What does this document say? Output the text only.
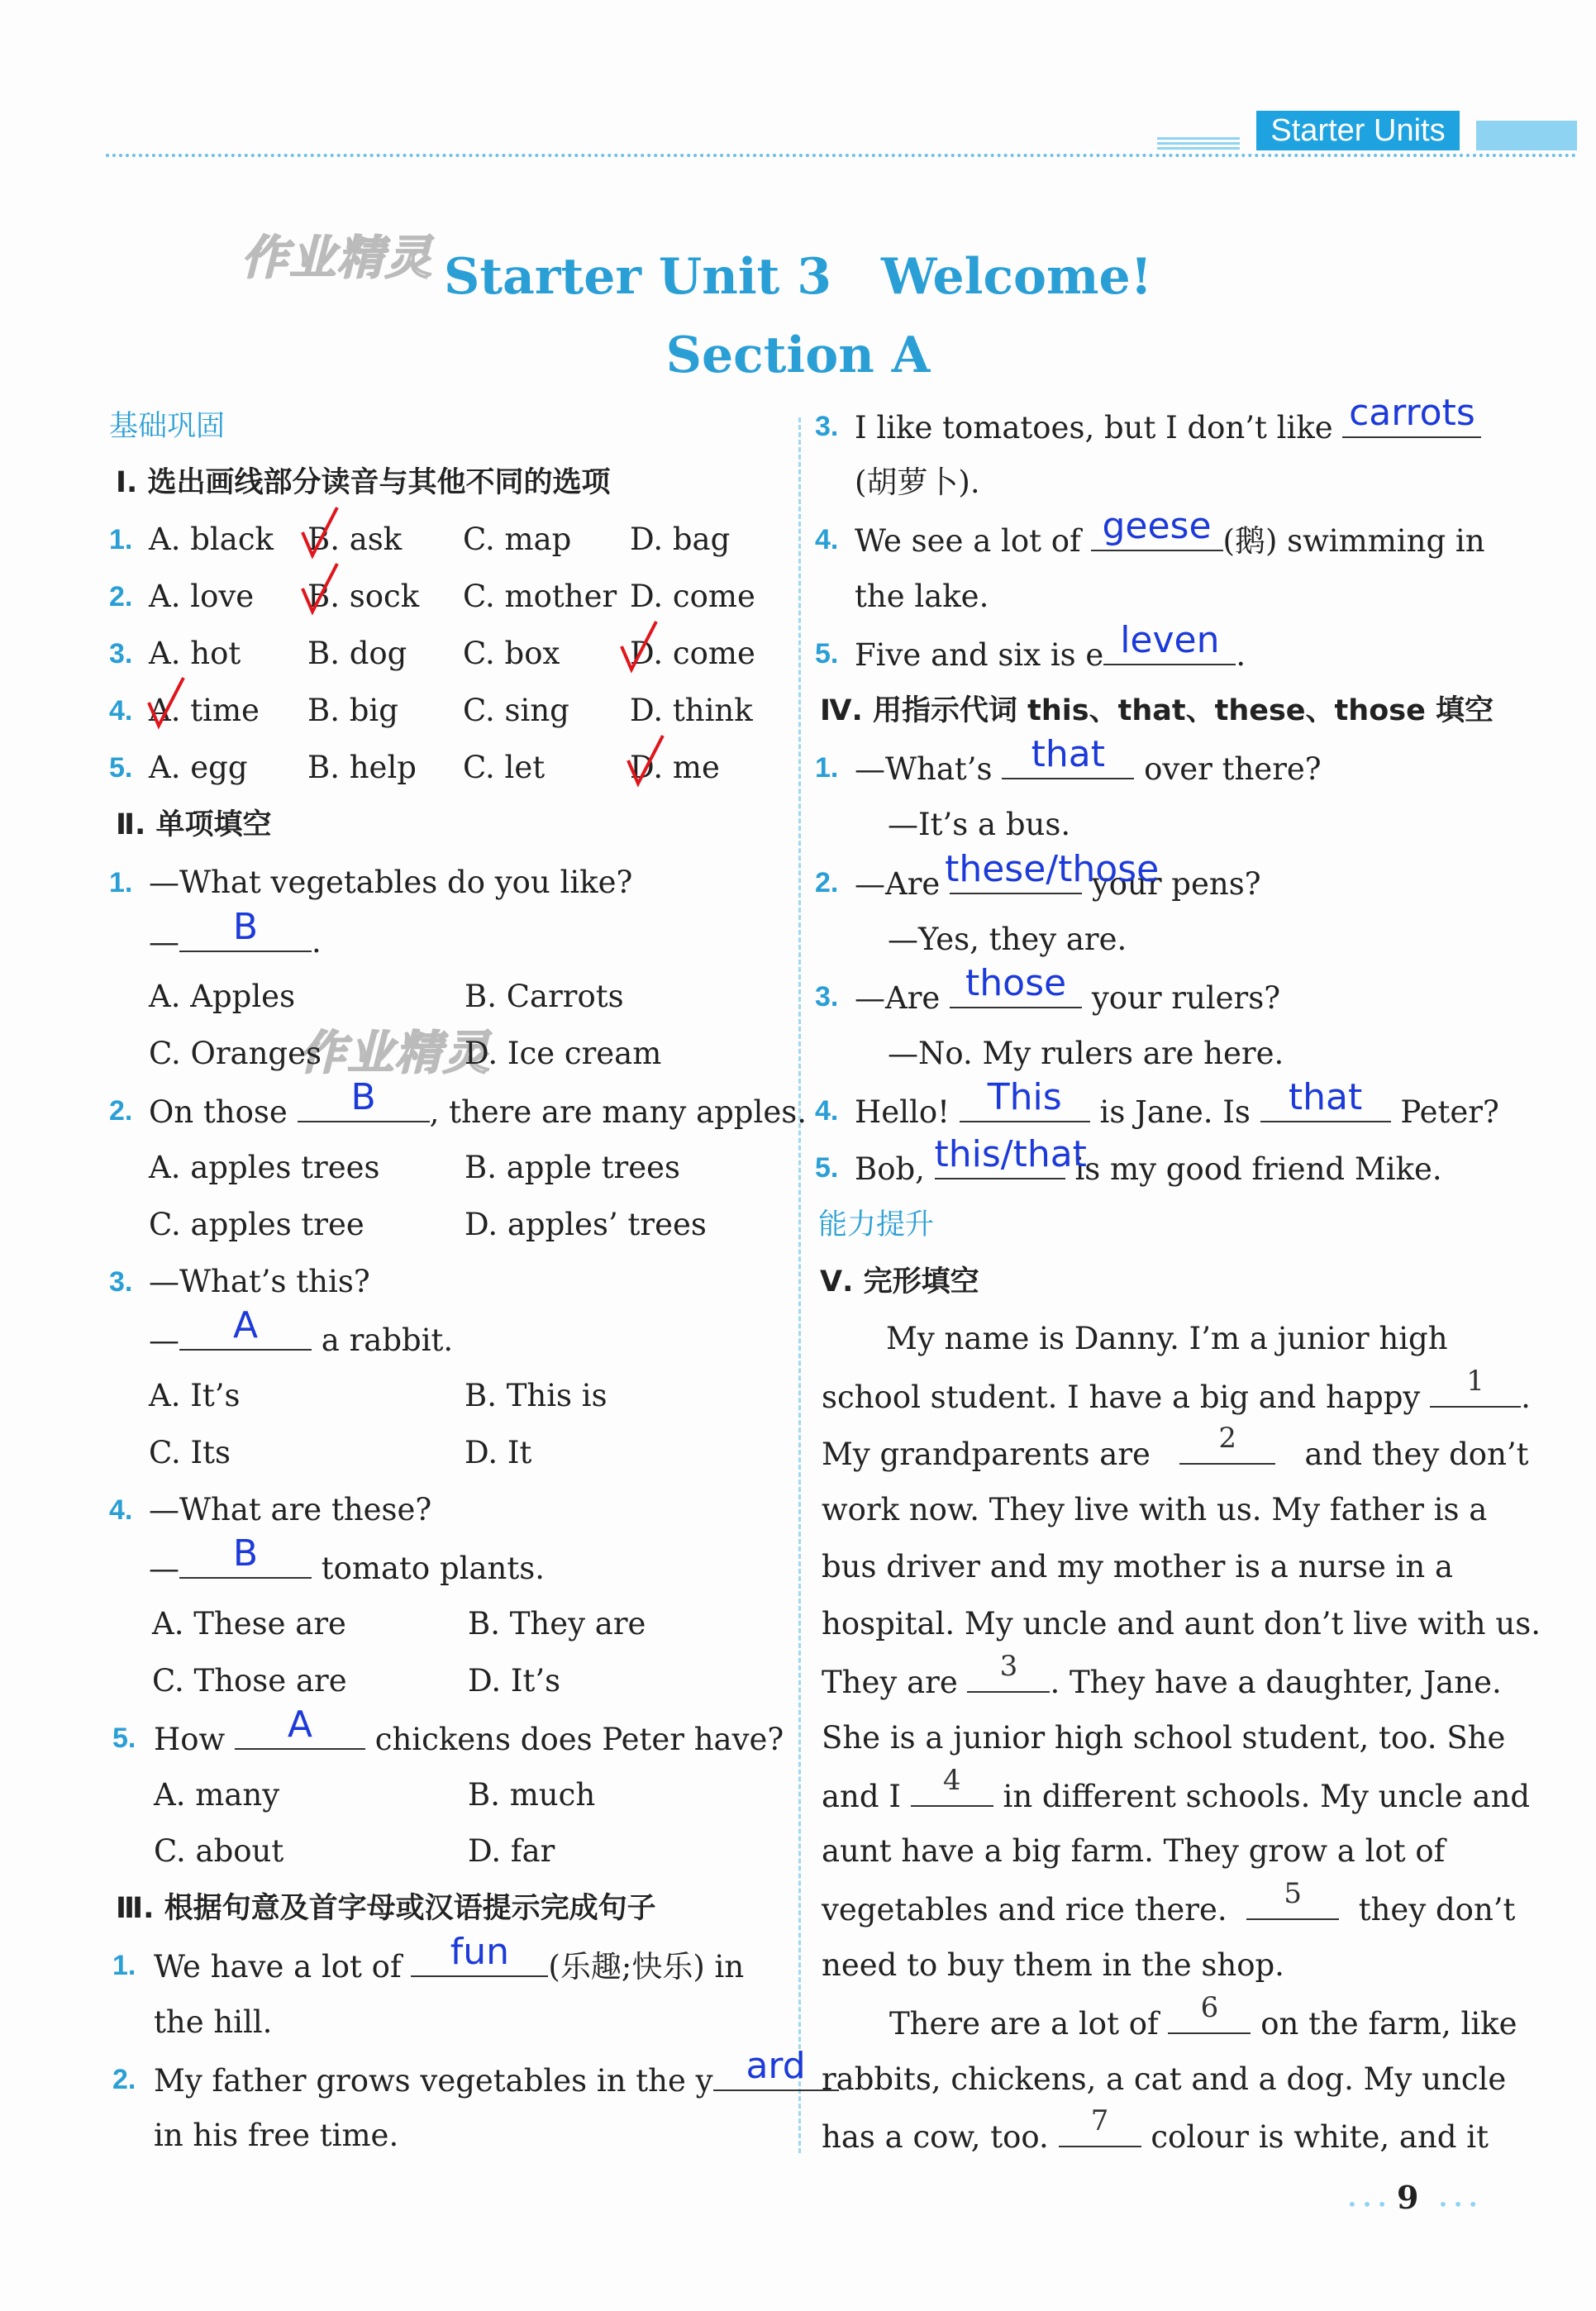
Starter Units
作业精灵
作业精灵
Starter Unit 3 Welcome!
Section A
基础巩固
Ⅰ. 选出画线部分读音与其他不同的选项
1. A. black B. ask C. map D. bag
2. A. love B. sock C. mother D. come
3. A. hot B. dog C. box D. come
4. A. time B. big C. sing D. think
5. A. egg B. help C. let	D. me
Ⅱ. 单项填空
1. —What vegetables do you like?
—	B	.
A. Apples	B. Carrots
C. Oranges	D. Ice cream
2. On those	B	, there are many apples.
A. apples trees	B. apple trees
C. apples tree	D. apples’ trees
3. —What’s this?
—	A	a rabbit.
A. It’s	B. This is
C. Its	D. It
4. —What are these?
—	B	tomato plants.
A. These are	B. They are
C. Those are	D. It’s
5. How	A	chickens does Peter have?
A. many	B. much
C. about	D. far
Ⅲ. 根据句意及首字母或汉语提示完成句子
1. We have a lot of	fun	(乐趣;快乐) in
the hill.
2. My father grows vegetables in the y ard
in his free time.
3. I like tomatoes, but I don’t like carrots
(胡萝卜).
4. We see a lot of geese (鹅) swimming in
the lake.
5. Five and six is e leven .
Ⅳ. 用指示代词 this、that、these、those 填空
1. —What’s	that	over there?
—It’s a bus.
2. —Are these/those
your pens?
—Yes, they are.
3. —Are those your rulers?
—No. My rulers are here.
4. Hello!	This	is Jane. Is	that	Peter?
5. Bob, this/that
is my good friend Mike.
能力提升
Ⅴ. 完形填空
My name is Danny. I’m a junior high
school student. I have a big and happy	1	.
My grandparents are	2	and they don’t
work now. They live with us. My father is a
bus driver and my mother is a nurse in a
hospital. My uncle and aunt don’t live with us.
They are	3	. They have a daughter, Jane.
She is a junior high school student, too. She
and I	4	in different schools. My uncle and
aunt have a big farm. They grow a lot of
vegetables and rice there.	5	they don’t
need to buy them in the shop.
There are a lot of	6	on the farm, like
rabbits, chickens, a cat and a dog. My uncle
has a cow, too.	7	colour is white, and it
• • • 9 • • •
